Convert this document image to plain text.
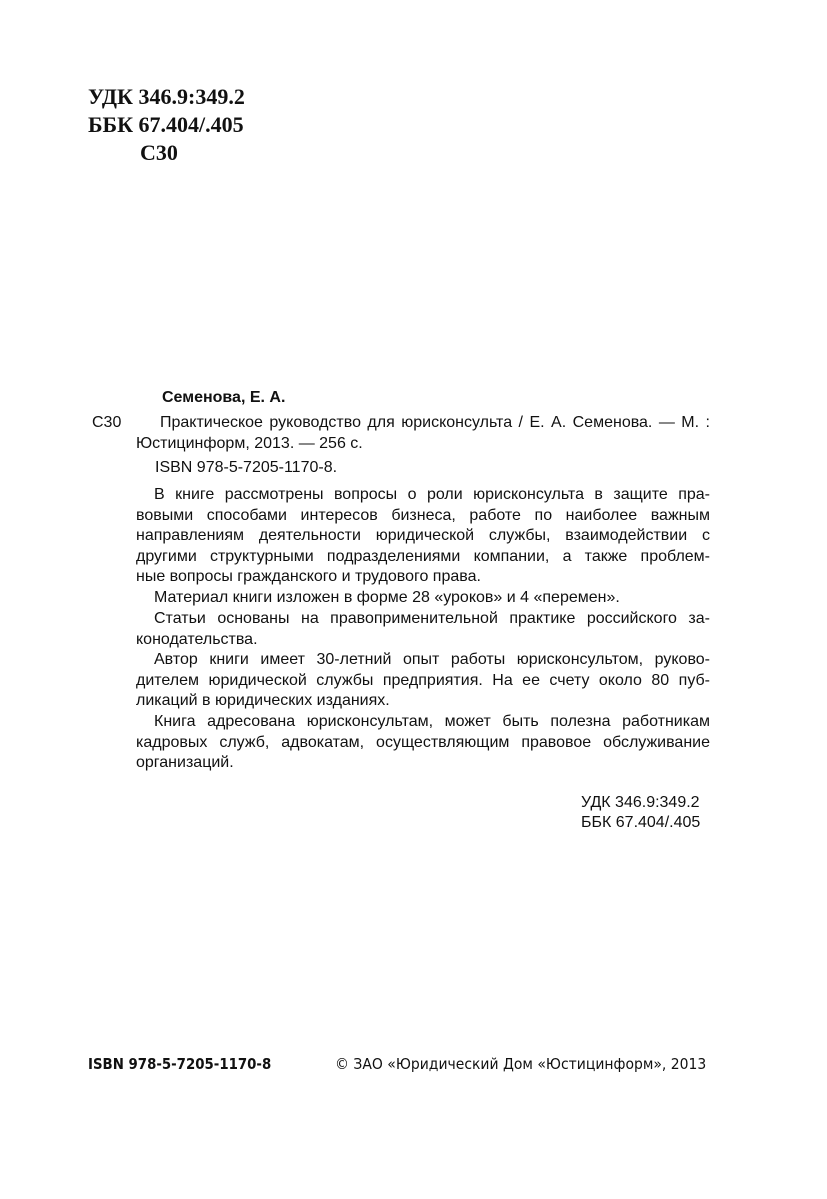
УДК 346.9:349.2
ББК 67.404/.405
С30
Семенова, Е. А.
С30 Практическое руководство для юрисконсульта / Е. А. Семенова. — М. :
Юстицинформ, 2013. — 256 с.
ISBN 978-5-7205-1170-8.
В книге рассмотрены вопросы о роли юрисконсульта в защите пра-
вовыми способами интересов бизнеса, работе по наиболее важным
направлениям деятельности юридической службы, взаимодействии с
другими структурными подразделениями компании, а также проблем-
ные вопросы гражданского и трудового права.
Материал книги изложен в форме 28 «уроков» и 4 «перемен».
Статьи основаны на правоприменительной практике российского за-
конодательства.
Автор книги имеет 30-летний опыт работы юрисконсультом, руково-
дителем юридической службы предприятия. На ее счету около 80 пуб-
ликаций в юридических изданиях.
Книга адресована юрисконсультам, может быть полезна работникам
кадровых служб, адвокатам, осуществляющим правовое обслуживание
организаций.
УДК 346.9:349.2
ББК 67.404/.405
ISBN 978-5-7205-1170-8	© ЗАО «Юридический Дом «Юстицинформ», 2013
